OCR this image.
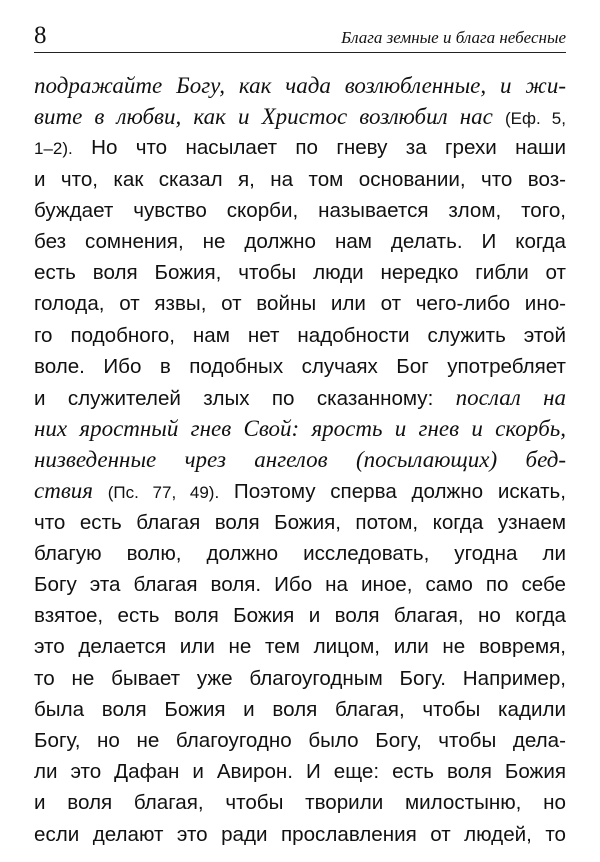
8	Блага земные и блага небесные
подражайте Богу, как чада возлюбленные, и жи-
вите в любви, как и Христос возлюбил нас (Еф. 5,
1–2). Но что насылает по гневу за грехи наши
и что, как сказал я, на том основании, что воз-
буждает чувство скорби, называется злом, того,
без сомнения, не должно нам делать. И когда
есть воля Божия, чтобы люди нередко гибли от
голода, от язвы, от войны или от чего-либо ино-
го подобного, нам нет надобности служить этой
воле. Ибо в подобных случаях Бог употребляет
и служителей злых по сказанному: послал на
них яростный гнев Свой: ярость и гнев и скорбь,
низведенные чрез ангелов (посылающих) бед-
ствия (Пс. 77, 49). Поэтому сперва должно искать,
что есть благая воля Божия, потом, когда узнаем
благую волю, должно исследовать, угодна ли
Богу эта благая воля. Ибо на иное, само по себе
взятое, есть воля Божия и воля благая, но когда
это делается или не тем лицом, или не вовремя,
то не бывает уже благоугодным Богу. Например,
была воля Божия и воля благая, чтобы кадили
Богу, но не благоугодно было Богу, чтобы дела-
ли это Дафан и Авирон. И еще: есть воля Божия
и воля благая, чтобы творили милостыню, но
если делают это ради прославления от людей, то
